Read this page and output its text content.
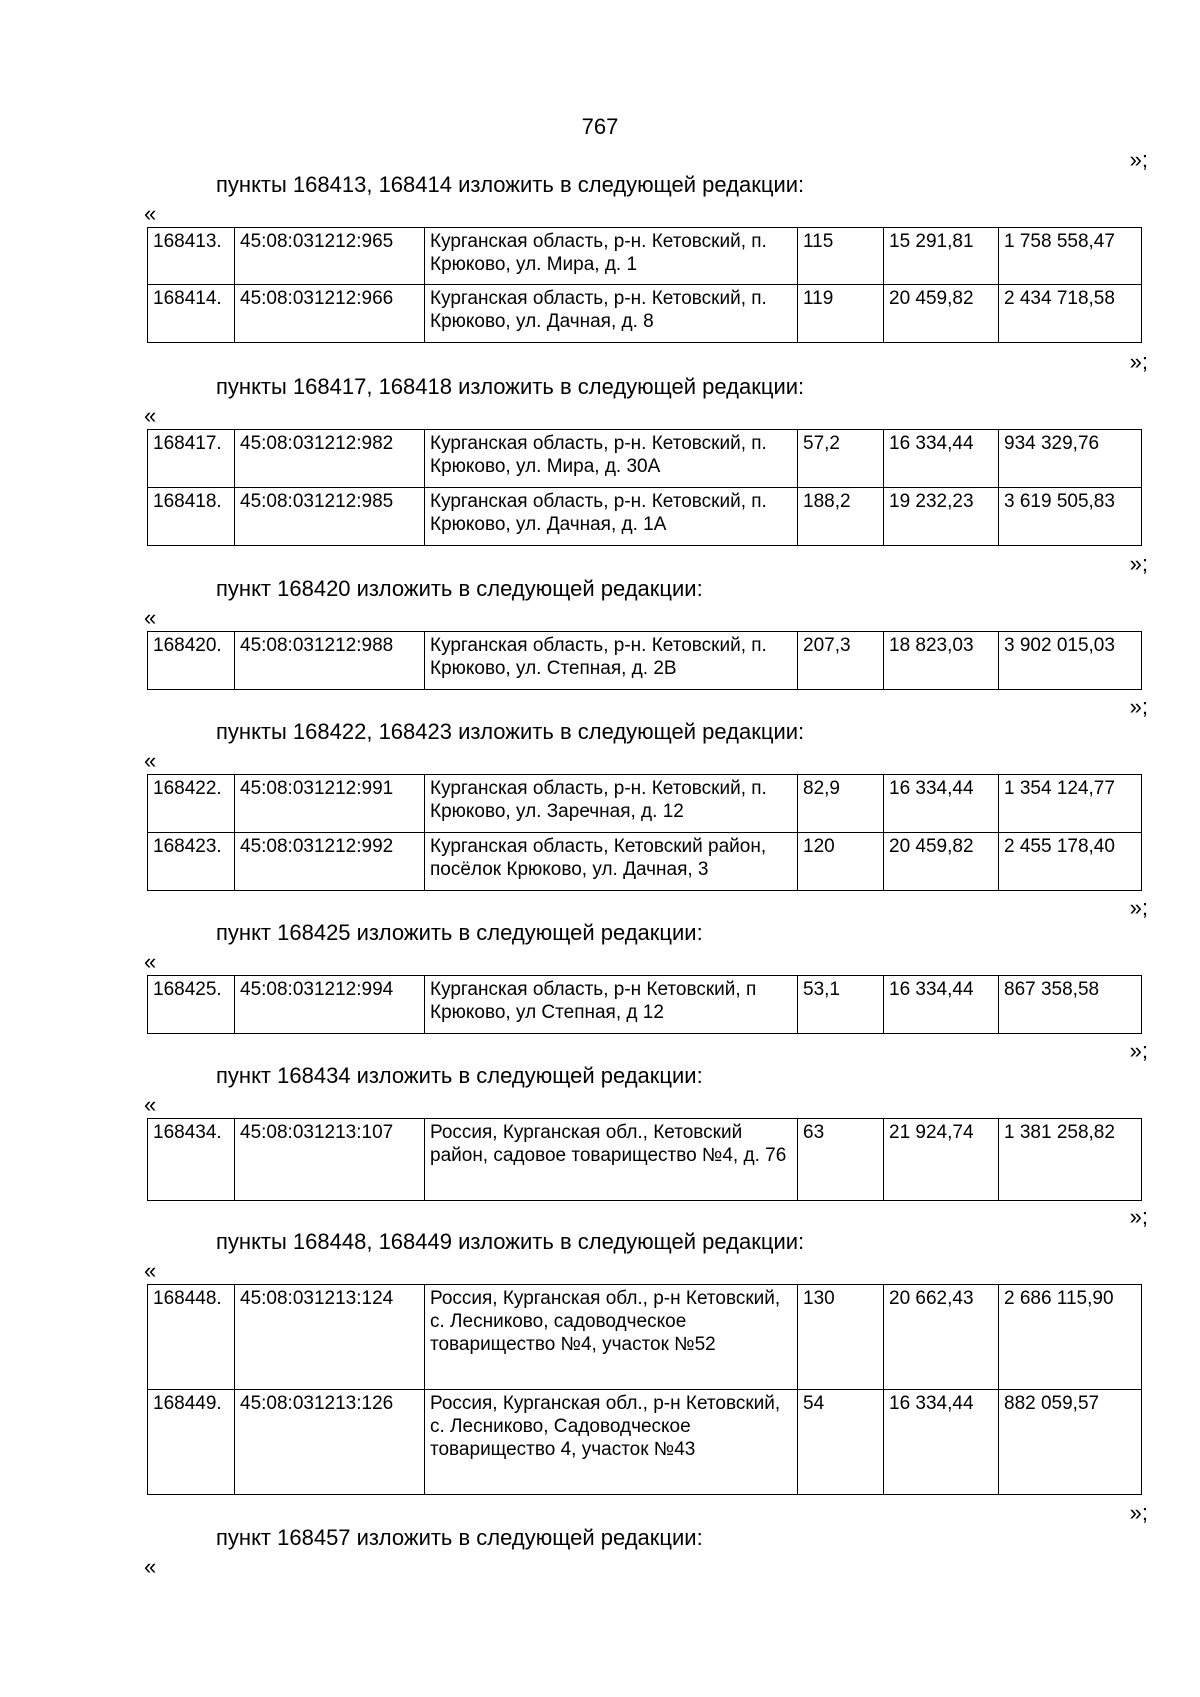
767
»;
пункты 168413, 168414 изложить в следующей редакции:
«
168413.	45:08:031212:965	Курганская область, р-н. Кетовский, п. Крюково, ул. Мира, д. 1	115	15 291,81	1 758 558,47
168414.	45:08:031212:966	Курганская область, р-н. Кетовский, п. Крюково, ул. Дачная, д. 8	119	20 459,82	2 434 718,58
»;
пункты 168417, 168418 изложить в следующей редакции:
«
168417.	45:08:031212:982	Курганская область, р-н. Кетовский, п. Крюково, ул. Мира, д. 30А	57,2	16 334,44	934 329,76
168418.	45:08:031212:985	Курганская область, р-н. Кетовский, п. Крюково, ул. Дачная, д. 1А	188,2	19 232,23	3 619 505,83
»;
пункт 168420 изложить в следующей редакции:
«
168420.	45:08:031212:988	Курганская область, р-н. Кетовский, п. Крюково, ул. Степная, д. 2В	207,3	18 823,03	3 902 015,03
»;
пункты 168422, 168423 изложить в следующей редакции:
«
168422.	45:08:031212:991	Курганская область, р-н. Кетовский, п. Крюково, ул. Заречная, д. 12	82,9	16 334,44	1 354 124,77
168423.	45:08:031212:992	Курганская область, Кетовский район, посёлок Крюково, ул. Дачная, 3	120	20 459,82	2 455 178,40
»;
пункт 168425 изложить в следующей редакции:
«
168425.	45:08:031212:994	Курганская область, р-н Кетовский, п Крюково, ул Степная, д 12	53,1	16 334,44	867 358,58
»;
пункт 168434 изложить в следующей редакции:
«
168434.	45:08:031213:107	Россия, Курганская обл., Кетовский район, садовое товарищество №4, д. 76	63	21 924,74	1 381 258,82
»;
пункты 168448, 168449 изложить в следующей редакции:
«
168448.	45:08:031213:124	Россия, Курганская обл., р-н Кетовский, с. Лесниково, садоводческое товарищество №4, участок №52	130	20 662,43	2 686 115,90
168449.	45:08:031213:126	Россия, Курганская обл., р-н Кетовский, с. Лесниково, Садоводческое товарищество 4, участок №43	54	16 334,44	882 059,57
»;
пункт 168457 изложить в следующей редакции:
«
